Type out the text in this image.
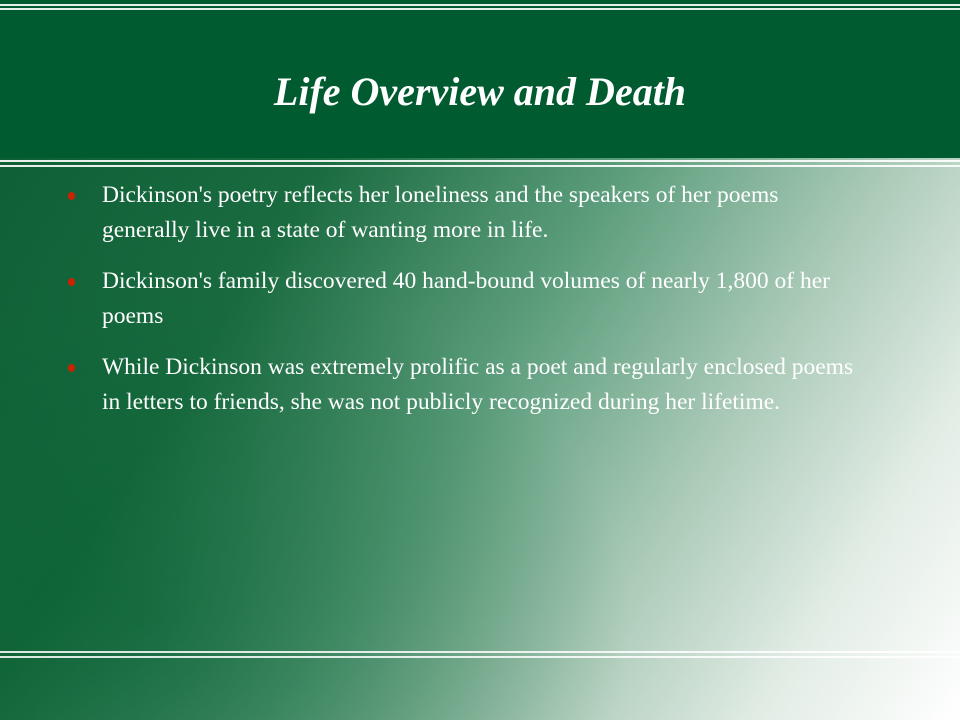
Life Overview and Death
Dickinson's poetry reflects her loneliness and the speakers of her poems generally live in a state of wanting more in life.
Dickinson's family discovered 40 hand-bound volumes of nearly 1,800 of her poems
While Dickinson was extremely prolific as a poet and regularly enclosed poems in letters to friends, she was not publicly recognized during her lifetime.
